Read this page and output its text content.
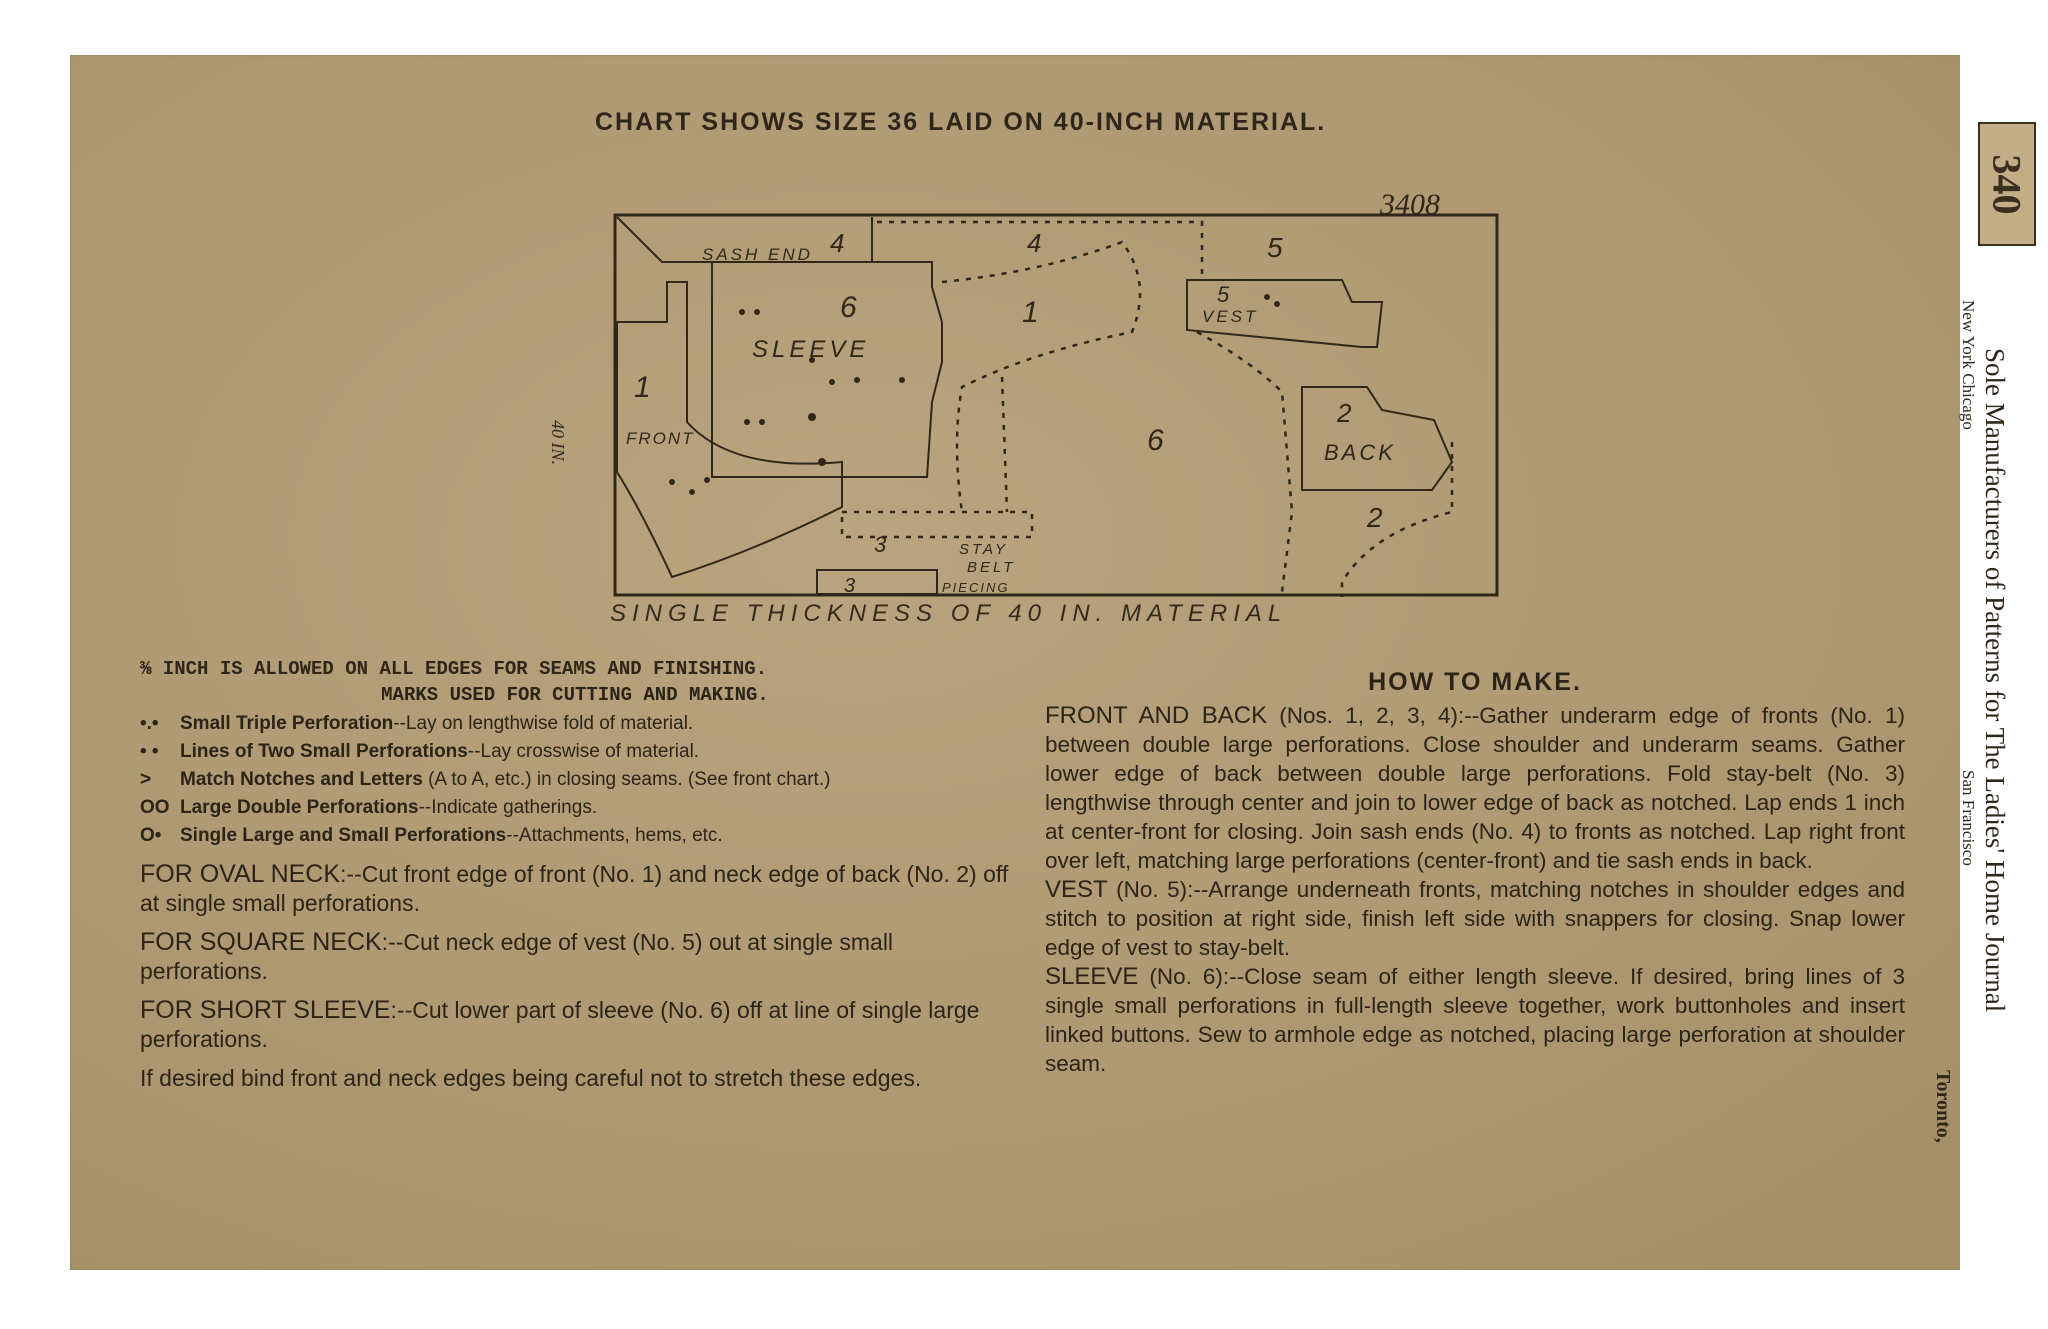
CHART SHOWS SIZE 36 LAID ON 40-INCH MATERIAL.
3408
4
SASH END	4
6
SLEEVE
1
5
5
VEST
1
FRONT	6
2
BACK
2
3	STAY
BELT
3	PIECING
40 IN.
SINGLE THICKNESS OF 40 IN. MATERIAL

⅜ INCH IS ALLOWED ON ALL EDGES FOR SEAMS AND FINISHING.

MARKS USED FOR CUTTING AND MAKING.

•.• Small Triple Perforation--Lay on lengthwise fold of material.

• • Lines of Two Small Perforations--Lay crosswise of material.

> Match Notches and Letters (A to A, etc.) in closing seams. (See front chart.)

OO Large Double Perforations--Indicate gatherings.

O• Single Large and Small Perforations--Attachments, hems, etc.

FOR OVAL NECK:--Cut front edge of front (No. 1) and neck edge of back (No. 2) off at single small perforations.

FOR SQUARE NECK:--Cut neck edge of vest (No. 5) out at single small perforations.

FOR SHORT SLEEVE:--Cut lower part of sleeve (No. 6) off at line of single large perforations.

If desired bind front and neck edges being careful not to stretch these edges.

HOW TO MAKE.

FRONT AND BACK (Nos. 1, 2, 3, 4):--Gather underarm edge of fronts (No. 1) between double large perforations. Close shoulder and underarm seams. Gather lower edge of back between double large perforations. Fold stay-belt (No. 3) lengthwise through center and join to lower edge of back as notched. Lap ends 1 inch at center-front for closing. Join sash ends (No. 4) to fronts as notched. Lap right front over left, matching large perforations (center-front) and tie sash ends in back.

VEST (No. 5):--Arrange underneath fronts, matching notches in shoulder edges and stitch to position at right side, finish left side with snappers for closing. Snap lower edge of vest to stay-belt.

SLEEVE (No. 6):--Close seam of either length sleeve. If desired, bring lines of 3 single small perforations in full-length sleeve together, work buttonholes and insert linked buttons. Sew to armhole edge as notched, placing large perforation at shoulder seam.

340
Sole Manufacturers of Patterns for The Ladies' Home Journal
New York Chicago
San Francisco
Toronto,
